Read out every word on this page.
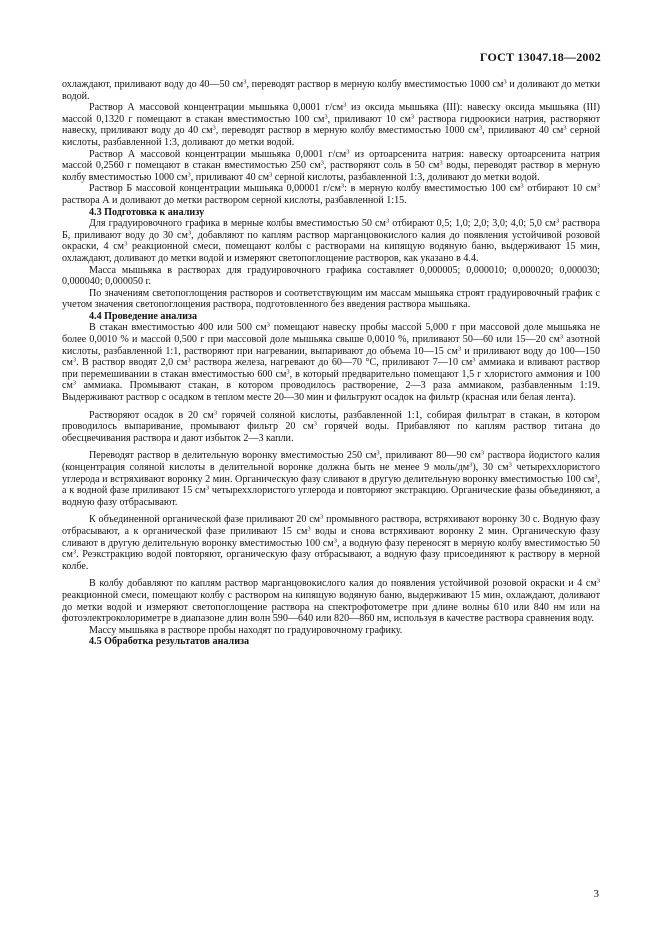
ГОСТ 13047.18—2002

охлаждают, приливают воду до 40—50 $см^3$, переводят раствор в мерную колбу вместимостью 1000 $см^3$ и доливают до метки водой.

Раствор А массовой концентрации мышьяка 0,0001 $г/см^3$ из оксида мышьяка (III): навеску оксида мышьяка (III) массой 0,1320 г помещают в стакан вместимостью 100 $см^3$, приливают 10 $см^3$ раствора гидроокиси натрия, растворяют навеску, приливают воду до 40 $см^3$, переводят раствор в мерную колбу вместимостью 1000 $см^3$, приливают 40 $см^3$ серной кислоты, разбавленной 1:3, доливают до метки водой.

Раствор А массовой концентрации мышьяка 0,0001 $г/см^3$ из ортоарсенита натрия: навеску ортоарсенита натрия массой 0,2560 г помещают в стакан вместимостью 250 $см^3$, растворяют соль в 50 $см^3$ воды, переводят раствор в мерную колбу вместимостью 1000 $см^3$, приливают 40 $см^3$ серной кислоты, разбавленной 1:3, доливают до метки водой.

Раствор Б массовой концентрации мышьяка 0,00001 $г/см^3$: в мерную колбу вместимостью 100 $см^3$ отбирают 10 $см^3$ раствора А и доливают до метки раствором серной кислоты, разбавленной 1:15.

4.3 Подготовка к анализу

Для градуировочного графика в мерные колбы вместимостью 50 $см^3$ отбирают 0,5; 1,0; 2,0; 3,0; 4,0; 5,0 $см^3$ раствора Б, приливают воду до 30 $см^3$, добавляют по каплям раствор марганцовокислого калия до появления устойчивой розовой окраски, 4 $см^3$ реакционной смеси, помещают колбы с растворами на кипящую водяную баню, выдерживают 15 мин, охлаждают, доливают до метки водой и измеряют светопоглощение растворов, как указано в 4.4.

Масса мышьяка в растворах для градуировочного графика составляет 0,000005; 0,000010; 0,000020; 0,000030; 0,000040; 0,000050 г.

По значениям светопоглощения растворов и соответствующим им массам мышьяка строят градуировочный график с учетом значения светопоглощения раствора, подготовленного без введения раствора мышьяка.

4.4 Проведение анализа

В стакан вместимостью 400 или 500 $см^3$ помещают навеску пробы массой 5,000 г при массовой доле мышьяка не более 0,0010 % и массой 0,500 г при массовой доле мышьяка свыше 0,0010 %, приливают 50—60 или 15—20 $см^3$ азотной кислоты, разбавленной 1:1, растворяют при нагревании, выпаривают до объема 10—15 $см^3$ и приливают воду до 100—150 $см^3$. В раствор вводят 2,0 $см^3$ раствора железа, нагревают до 60—70 °С, приливают 7—10 $см^3$ аммиака и вливают раствор при перемешивании в стакан вместимостью 600 $см^3$, в который предварительно помещают 1,5 г хлористого аммония и 100 $см^3$ аммиака. Промывают стакан, в котором проводилось растворение, 2—3 раза аммиаком, разбавленным 1:19. Выдерживают раствор с осадком в теплом месте 20—30 мин и фильтруют осадок на фильтр (красная или белая лента).

Растворяют осадок в 20 $см^3$ горячей соляной кислоты, разбавленной 1:1, собирая фильтрат в стакан, в котором проводилось выпаривание, промывают фильтр 20 $см^3$ горячей воды. Прибавляют по каплям раствор титана до обесцвечивания раствора и дают избыток 2—3 капли.

Переводят раствор в делительную воронку вместимостью 250 $см^3$, приливают 80—90 $см^3$ раствора йодистого калия (концентрация соляной кислоты в делительной воронке должна быть не менее 9 моль/$дм^3$), 30 $см^3$ четыреххлористого углерода и встряхивают воронку 2 мин. Органическую фазу сливают в другую делительную воронку вместимостью 100 $см^3$, а к водной фазе приливают 15 $см^3$ четыреххлористого углерода и повторяют экстракцию. Органические фазы объединяют, а водную фазу отбрасывают.

К объединенной органической фазе приливают 20 $см^3$ промывного раствора, встряхивают воронку 30 с. Водную фазу отбрасывают, а к органической фазе приливают 15 $см^3$ воды и снова встряхивают воронку 2 мин. Органическую фазу сливают в другую делительную воронку вместимостью 100 $см^3$, а водную фазу переносят в мерную колбу вместимостью 50 $см^3$. Реэкстракцию водой повторяют, органическую фазу отбрасывают, а водную фазу присоединяют к раствору в мерной колбе.

В колбу добавляют по каплям раствор марганцовокислого калия до появления устойчивой розовой окраски и 4 $см^3$ реакционной смеси, помещают колбу с раствором на кипящую водяную баню, выдерживают 15 мин, охлаждают, доливают до метки водой и измеряют светопоглощение раствора на спектрофотометре при длине волны 610 или 840 нм или на фотоэлектроколориметре в диапазоне длин волн 590—640 или 820—860 нм, используя в качестве раствора сравнения воду.

Массу мышьяка в растворе пробы находят по градуировочному графику.

4.5 Обработка результатов анализа

3
